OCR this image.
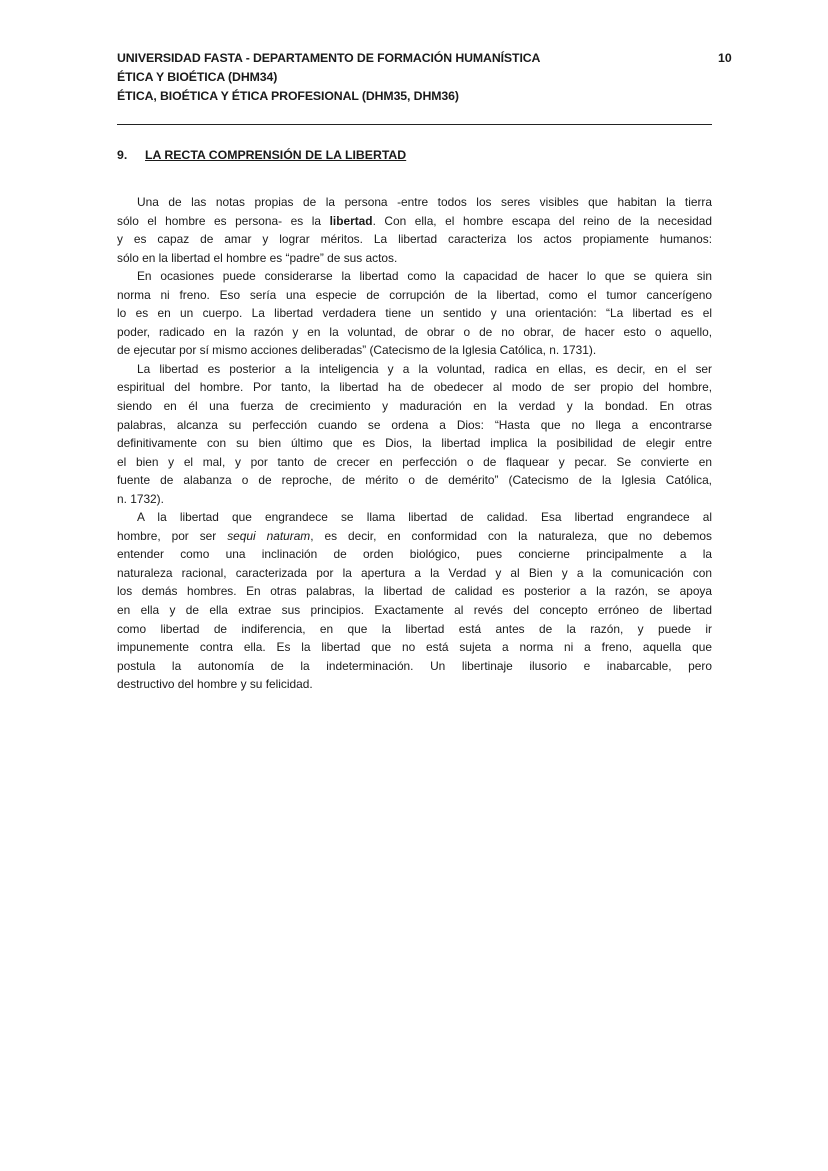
UNIVERSIDAD FASTA - DEPARTAMENTO DE FORMACIÓN HUMANÍSTICA
ÉTICA Y BIOÉTICA (DHM34)
ÉTICA, BIOÉTICA Y ÉTICA PROFESIONAL (DHM35, DHM36)
10
9. LA RECTA COMPRENSIÓN DE LA LIBERTAD
Una de las notas propias de la persona -entre todos los seres visibles que habitan la tierra
sólo el hombre es persona- es la libertad. Con ella, el hombre escapa del reino de la necesidad
y es capaz de amar y lograr méritos. La libertad caracteriza los actos propiamente humanos:
sólo en la libertad el hombre es “padre” de sus actos.
En ocasiones puede considerarse la libertad como la capacidad de hacer lo que se quiera sin
norma ni freno. Eso sería una especie de corrupción de la libertad, como el tumor cancerígeno
lo es en un cuerpo. La libertad verdadera tiene un sentido y una orientación: “La libertad es el
poder, radicado en la razón y en la voluntad, de obrar o de no obrar, de hacer esto o aquello,
de ejecutar por sí mismo acciones deliberadas” (Catecismo de la Iglesia Católica, n. 1731).
La libertad es posterior a la inteligencia y a la voluntad, radica en ellas, es decir, en el ser
espiritual del hombre. Por tanto, la libertad ha de obedecer al modo de ser propio del hombre,
siendo en él una fuerza de crecimiento y maduración en la verdad y la bondad. En otras
palabras, alcanza su perfección cuando se ordena a Dios: “Hasta que no llega a encontrarse
definitivamente con su bien último que es Dios, la libertad implica la posibilidad de elegir entre
el bien y el mal, y por tanto de crecer en perfección o de flaquear y pecar. Se convierte en
fuente de alabanza o de reproche, de mérito o de demérito” (Catecismo de la Iglesia Católica,
n. 1732).
A la libertad que engrandece se llama libertad de calidad. Esa libertad engrandece al
hombre, por ser sequi naturam, es decir, en conformidad con la naturaleza, que no debemos
entender como una inclinación de orden biológico, pues concierne principalmente a la
naturaleza racional, caracterizada por la apertura a la Verdad y al Bien y a la comunicación con
los demás hombres. En otras palabras, la libertad de calidad es posterior a la razón, se apoya
en ella y de ella extrae sus principios. Exactamente al revés del concepto erróneo de libertad
como libertad de indiferencia, en que la libertad está antes de la razón, y puede ir
impunemente contra ella. Es la libertad que no está sujeta a norma ni a freno, aquella que
postula la autonomía de la indeterminación. Un libertinaje ilusorio e inabarcable, pero
destructivo del hombre y su felicidad.
